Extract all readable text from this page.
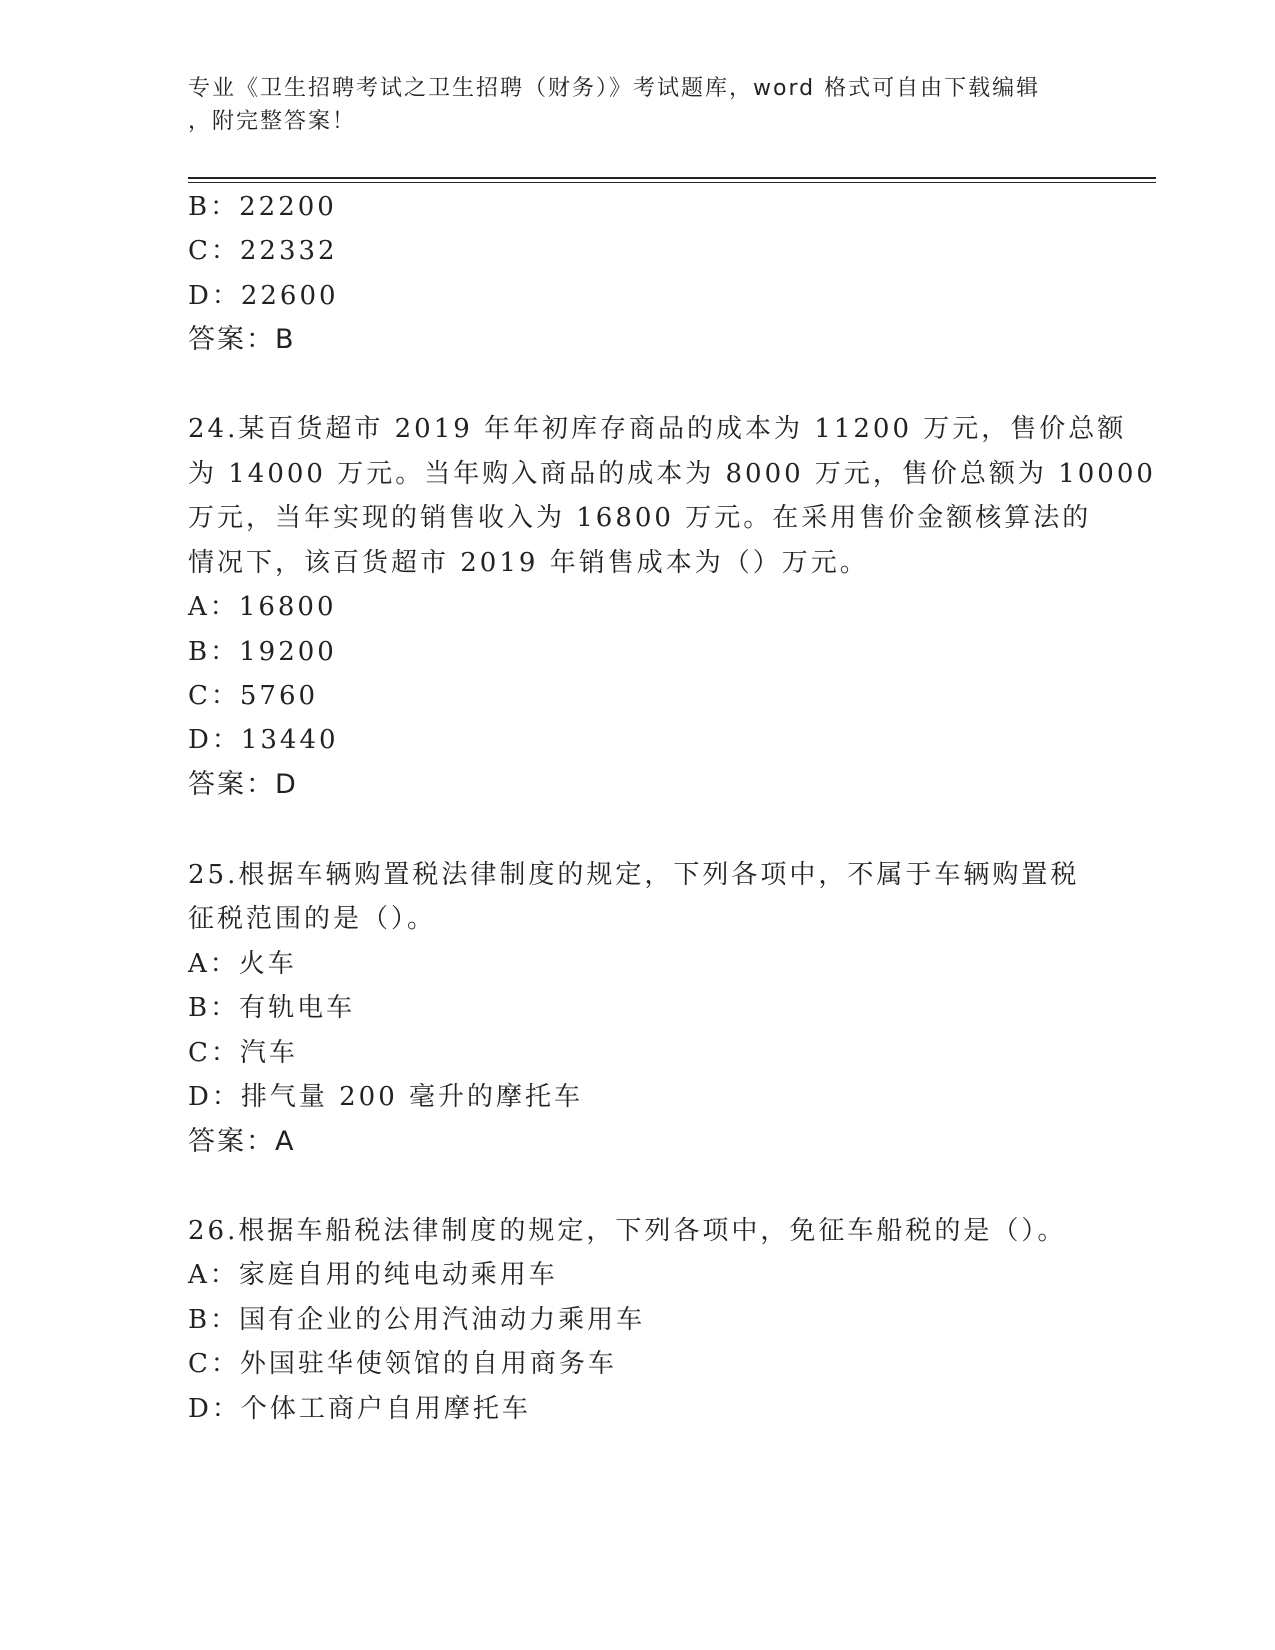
专业《卫生招聘考试之卫生招聘（财务）》考试题库，word 格式可自由下载编辑
，附完整答案！
B：22200
C：22332
D：22600
答案：B
24.某百货超市 2019 年年初库存商品的成本为 11200 万元，售价总额
为 14000 万元。当年购入商品的成本为 8000 万元，售价总额为 10000
万元，当年实现的销售收入为 16800 万元。在采用售价金额核算法的
情况下，该百货超市 2019 年销售成本为（）万元。
A：16800
B：19200
C：5760
D：13440
答案：D
25.根据车辆购置税法律制度的规定，下列各项中，不属于车辆购置税
征税范围的是（）。
A：火车
B：有轨电车
C：汽车
D：排气量 200 毫升的摩托车
答案：A
26.根据车船税法律制度的规定，下列各项中，免征车船税的是（）。
A：家庭自用的纯电动乘用车
B：国有企业的公用汽油动力乘用车
C：外国驻华使领馆的自用商务车
D：个体工商户自用摩托车
